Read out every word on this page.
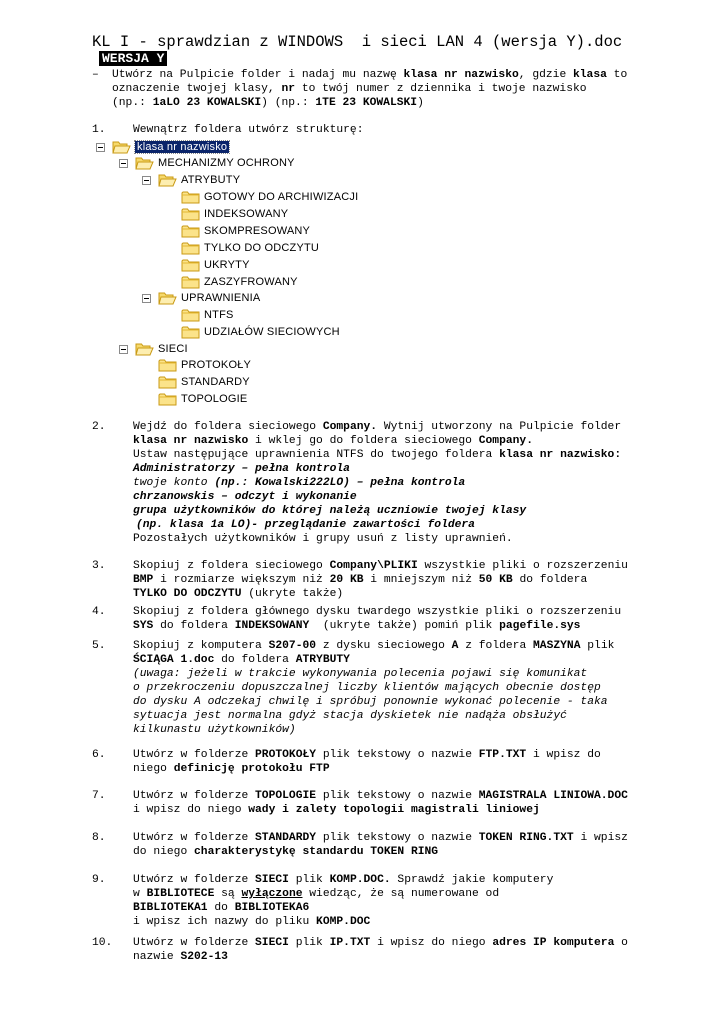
KL I - sprawdzian z WINDOWS  i sieci LAN 4 (wersja Y).doc
WERSJA Y
– Utwórz na Pulpicie folder i nadaj mu nazwę klasa nr nazwisko, gdzie klasa to
oznaczenie twojej klasy, nr to twój numer z dziennika i twoje nazwisko
(np.: 1aLO 23 KOWALSKI) (np.: 1TE 23 KOWALSKI)
1. Wewnątrz foldera utwórz strukturę:
klasa nr nazwisko
MECHANIZMY OCHRONY
ATRYBUTY
GOTOWY DO ARCHIWIZACJI
INDEKSOWANY
SKOMPRESOWANY
TYLKO DO ODCZYTU
UKRYTY
ZASZYFROWANY
UPRAWNIENIA
NTFS
UDZIAŁÓW SIECIOWYCH
SIECI
PROTOKOŁY
STANDARDY
TOPOLOGIE
2. Wejdź do foldera sieciowego Company. Wytnij utworzony na Pulpicie folder
klasa nr nazwisko i wklej go do foldera sieciowego Company.
Ustaw następujące uprawnienia NTFS do twojego foldera klasa nr nazwisko:
Administratorzy – pełna kontrola
twoje konto (np.: Kowalski222LO) – pełna kontrola
chrzanowskis – odczyt i wykonanie
grupa użytkowników do której należą uczniowie twojej klasy
(np. klasa 1a LO)- przeglądanie zawartości foldera
Pozostałych użytkowników i grupy usuń z listy uprawnień.
3. Skopiuj z foldera sieciowego Company\PLIKI wszystkie pliki o rozszerzeniu
BMP i rozmiarze większym niż 20 KB i mniejszym niż 50 KB do foldera
TYLKO DO ODCZYTU (ukryte także)
4. Skopiuj z foldera głównego dysku twardego wszystkie pliki o rozszerzeniu
SYS do foldera INDEKSOWANY  (ukryte także) pomiń plik pagefile.sys
5. Skopiuj z komputera S207-00 z dysku sieciowego A z foldera MASZYNA plik
ŚCIĄGA 1.doc do foldera ATRYBUTY
(uwaga: jeżeli w trakcie wykonywania polecenia pojawi się komunikat
o przekroczeniu dopuszczalnej liczby klientów mających obecnie dostęp
do dysku A odczekaj chwilę i spróbuj ponownie wykonać polecenie - taka
sytuacja jest normalna gdyż stacja dyskietek nie nadąża obsłużyć
kilkunastu użytkowników)
6. Utwórz w folderze PROTOKOŁY plik tekstowy o nazwie FTP.TXT i wpisz do
niego definicję protokołu FTP
7. Utwórz w folderze TOPOLOGIE plik tekstowy o nazwie MAGISTRALA LINIOWA.DOC
i wpisz do niego wady i zalety topologii magistrali liniowej
8. Utwórz w folderze STANDARDY plik tekstowy o nazwie TOKEN RING.TXT i wpisz
do niego charakterystykę standardu TOKEN RING
9. Utwórz w folderze SIECI plik KOMP.DOC. Sprawdź jakie komputery
w BIBLIOTECE są wyłączone wiedząc, że są numerowane od
BIBLIOTEKA1 do BIBLIOTEKA6
i wpisz ich nazwy do pliku KOMP.DOC
10. Utwórz w folderze SIECI plik IP.TXT i wpisz do niego adres IP komputera o
nazwie S202-13
